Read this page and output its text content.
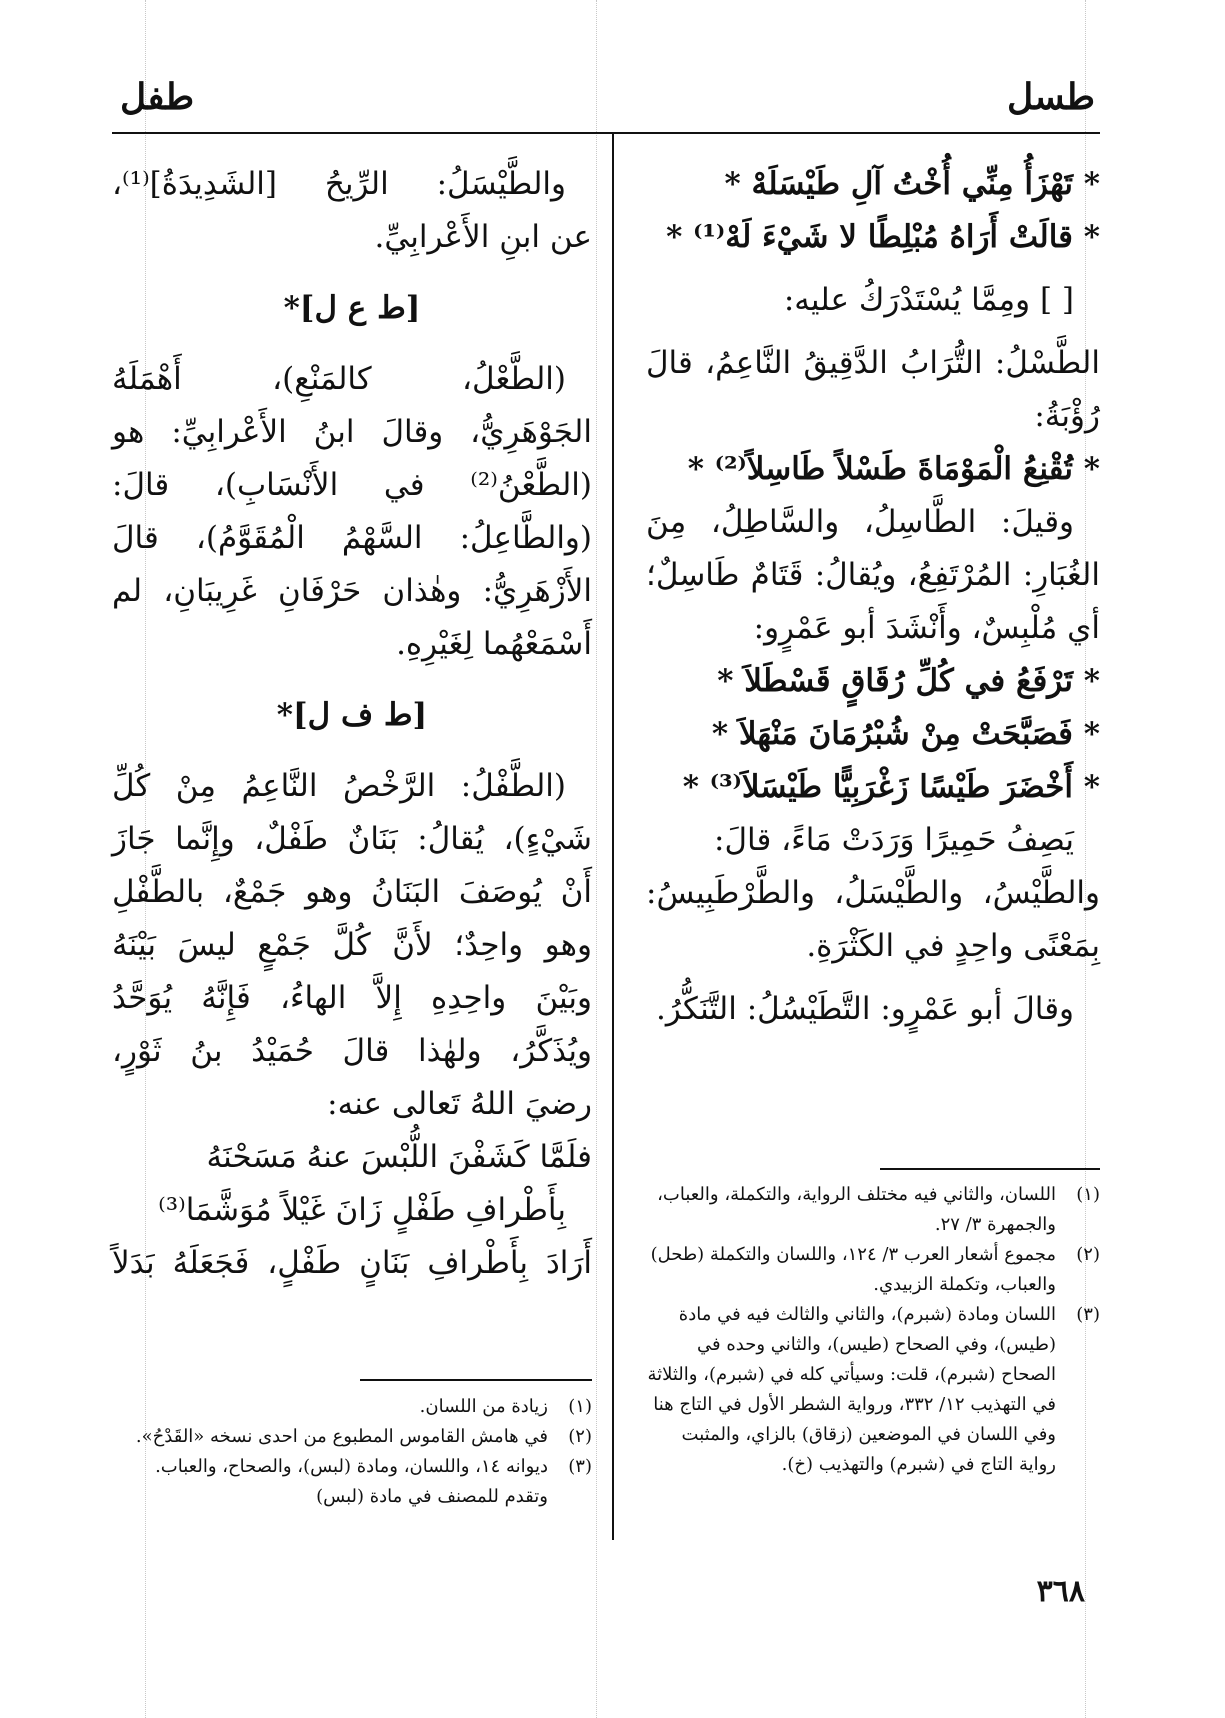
طسل
طفل
* تَهْزَأُ مِنِّي أُخْتُ آلِ طَيْسَلَهْ *
* قالَتْ أَرَاهُ مُبْلِطًا لا شَيْءَ لَهْ⁽¹⁾ *
[ ] ومِمَّا يُسْتَدْرَكُ عليه:
الطَّسْلُ: التُّرَابُ الدَّقِيقُ النَّاعِمُ، قالَ
رُؤْبَةُ:
* تُقْنِعُ الْمَوْمَاةَ طَسْلاً طَاسِلاً⁽²⁾ *
وقيلَ: الطَّاسِلُ، والسَّاطِلُ، مِنَ
الغُبَارِ: المُرْتَفِعُ، ويُقالُ: قَتَامٌ طَاسِلٌ؛
أي مُلْبِسٌ، وأَنْشَدَ أبو عَمْرٍو:
* تَرْفَعُ في كُلِّ رُقَاقٍ قَسْطَلاَ *
* فَصَبَّحَتْ مِنْ شُبْرُمَانَ مَنْهَلاَ *
* أَخْضَرَ طَيْسًا زَغْرَبِيًّا طَيْسَلاَ⁽³⁾ *
يَصِفُ حَمِيرًا وَرَدَتْ مَاءً، قالَ:
والطَّيْسُ، والطَّيْسَلُ، والطَّرْطَبِيسُ:
بِمَعْنًى واحِدٍ في الكَثْرَةِ.
وقالَ أبو عَمْرٍو: التَّطَيْسُلُ: التَّنَكُّرُ.
والطَّيْسَلُ: الرِّيحُ [الشَدِيدَةُ]⁽¹⁾،
عن ابنِ الأَعْرابِيِّ.
[ط ع ل]*
(الطَّعْلُ، كالمَنْعِ)، أَهْمَلَهُ
الجَوْهَرِيُّ، وقالَ ابنُ الأَعْرابِيِّ: هو
(الطَّعْنُ⁽²⁾ في الأَنْسَابِ)، قالَ:
(والطَّاعِلُ: السَّهْمُ الْمُقَوَّمُ)، قالَ
الأَزْهَرِيُّ: وهٰذان حَرْفَانِ غَرِيبَانِ، لم
أَسْمَعْهُما لِغَيْرِهِ.
[ط ف ل]*
(الطَّفْلُ: الرَّخْصُ النَّاعِمُ مِنْ كُلِّ
شَيْءٍ)، يُقالُ: بَنَانٌ طَفْلٌ، وإِنَّما جَازَ
أَنْ يُوصَفَ البَنَانُ وهو جَمْعٌ، بالطَّفْلِ
وهو واحِدٌ؛ لأَنَّ كُلَّ جَمْعٍ ليسَ بَيْنَهُ
وبَيْنَ واحِدِهِ إِلاَّ الهاءُ، فَإِنَّهُ يُوَحَّدُ
ويُذَكَّرُ، ولهٰذا قالَ حُمَيْدُ بنُ ثَوْرٍ،
رضيَ اللهُ تَعالى عنه:
فلَمَّا كَشَفْنَ اللُّبْسَ عنهُ مَسَحْنَهُ
بِأَطْرافِ طَفْلٍ زَانَ غَيْلاً مُوَشَّمَا⁽³⁾
أَرَادَ بِأَطْرافِ بَنَانٍ طَفْلٍ، فَجَعَلَهُ بَدَلاً
(١)
اللسان، والثاني فيه مختلف الرواية، والتكملة، والعباب، والجمهرة ٣/ ٢٧.
(٢)
مجموع أشعار العرب ٣/ ١٢٤، واللسان والتكملة (طحل) والعباب، وتكملة الزبيدي.
(٣)
اللسان ومادة (شبرم)، والثاني والثالث فيه في مادة (طيس)، وفي الصحاح (طيس)، والثاني وحده في الصحاح (شبرم)، قلت: وسيأتي كله في (شبرم)، والثلاثة في التهذيب ١٢/ ٣٣٢، ورواية الشطر الأول في التاج هنا وفي اللسان في الموضعين (زقاق) بالزاي، والمثبت رواية التاج في (شبرم) والتهذيب (خ).
(١)
زيادة من اللسان.
(٢)
في هامش القاموس المطبوع من احدى نسخه «القَدْحُ».
(٣)
ديوانه ١٤، واللسان، ومادة (لبس)، والصحاح، والعباب. وتقدم للمصنف في مادة (لبس)
٣٦٨
